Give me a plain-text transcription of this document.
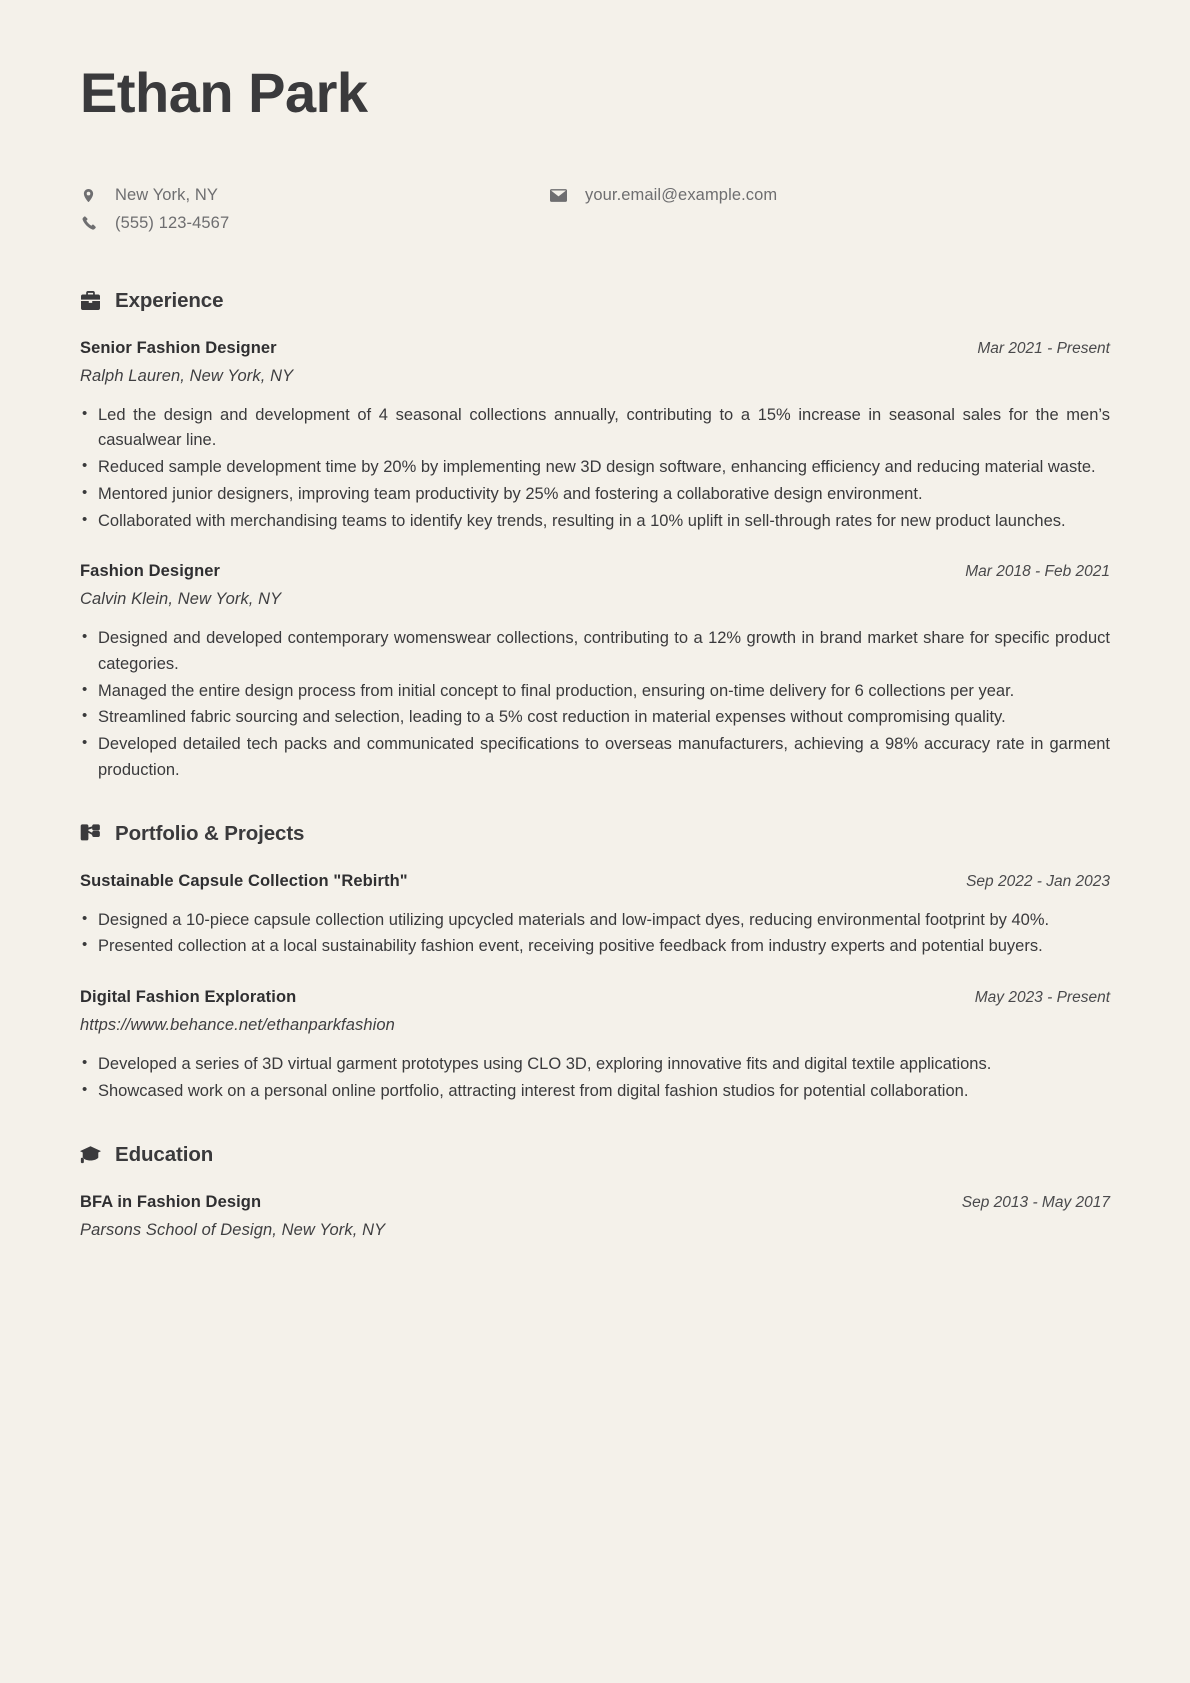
Ethan Park
New York, NY
(555) 123-4567
your.email@example.com
Experience
Senior Fashion Designer	Mar 2021 - Present
Ralph Lauren, New York, NY
• Led the design and development of 4 seasonal collections annually, contributing to a 15% increase in seasonal sales for the men’s casualwear line.
• Reduced sample development time by 20% by implementing new 3D design software, enhancing efficiency and reducing material waste.
• Mentored junior designers, improving team productivity by 25% and fostering a collaborative design environment.
• Collaborated with merchandising teams to identify key trends, resulting in a 10% uplift in sell-through rates for new product launches.
Fashion Designer	Mar 2018 - Feb 2021
Calvin Klein, New York, NY
• Designed and developed contemporary womenswear collections, contributing to a 12% growth in brand market share for specific product categories.
• Managed the entire design process from initial concept to final production, ensuring on-time delivery for 6 collections per year.
• Streamlined fabric sourcing and selection, leading to a 5% cost reduction in material expenses without compromising quality.
• Developed detailed tech packs and communicated specifications to overseas manufacturers, achieving a 98% accuracy rate in garment production.
Portfolio & Projects
Sustainable Capsule Collection "Rebirth"	Sep 2022 - Jan 2023
• Designed a 10-piece capsule collection utilizing upcycled materials and low-impact dyes, reducing environmental footprint by 40%.
• Presented collection at a local sustainability fashion event, receiving positive feedback from industry experts and potential buyers.
Digital Fashion Exploration	May 2023 - Present
https://www.behance.net/ethanparkfashion
• Developed a series of 3D virtual garment prototypes using CLO 3D, exploring innovative fits and digital textile applications.
• Showcased work on a personal online portfolio, attracting interest from digital fashion studios for potential collaboration.
Education
BFA in Fashion Design	Sep 2013 - May 2017
Parsons School of Design, New York, NY
